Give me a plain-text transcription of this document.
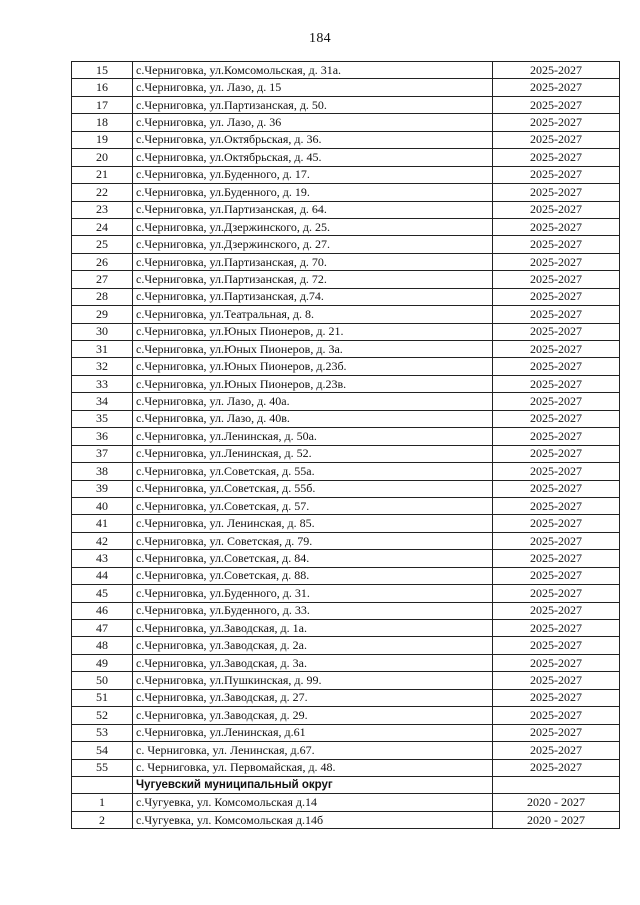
184
15	с.Черниговка, ул.Комсомольская, д. 31а.	2025-2027
16	с.Черниговка, ул. Лазо, д. 15	2025-2027
17	с.Черниговка, ул.Партизанская, д. 50.	2025-2027
18	с.Черниговка, ул. Лазо, д. 36	2025-2027
19	с.Черниговка, ул.Октябрьская, д. 36.	2025-2027
20	с.Черниговка, ул.Октябрьская, д. 45.	2025-2027
21	с.Черниговка, ул.Буденного, д. 17.	2025-2027
22	с.Черниговка, ул.Буденного, д. 19.	2025-2027
23	с.Черниговка, ул.Партизанская, д. 64.	2025-2027
24	с.Черниговка, ул.Дзержинского, д. 25.	2025-2027
25	с.Черниговка, ул.Дзержинского, д. 27.	2025-2027
26	с.Черниговка, ул.Партизанская, д. 70.	2025-2027
27	с.Черниговка, ул.Партизанская, д. 72.	2025-2027
28	с.Черниговка, ул.Партизанская, д.74.	2025-2027
29	с.Черниговка, ул.Театральная, д. 8.	2025-2027
30	с.Черниговка, ул.Юных Пионеров, д. 21.	2025-2027
31	с.Черниговка, ул.Юных Пионеров, д. 3а.	2025-2027
32	с.Черниговка, ул.Юных Пионеров, д.23б.	2025-2027
33	с.Черниговка, ул.Юных Пионеров, д.23в.	2025-2027
34	с.Черниговка, ул. Лазо, д. 40а.	2025-2027
35	с.Черниговка, ул. Лазо, д. 40в.	2025-2027
36	с.Черниговка, ул.Ленинская, д. 50а.	2025-2027
37	с.Черниговка, ул.Ленинская, д. 52.	2025-2027
38	с.Черниговка, ул.Советская, д. 55а.	2025-2027
39	с.Черниговка, ул.Советская, д. 55б.	2025-2027
40	с.Черниговка, ул.Советская, д. 57.	2025-2027
41	с.Черниговка, ул. Ленинская, д. 85.	2025-2027
42	с.Черниговка, ул. Советская, д. 79.	2025-2027
43	с.Черниговка, ул.Советская, д. 84.	2025-2027
44	с.Черниговка, ул.Советская, д. 88.	2025-2027
45	с.Черниговка, ул.Буденного, д. 31.	2025-2027
46	с.Черниговка, ул.Буденного, д. 33.	2025-2027
47	с.Черниговка, ул.Заводская, д. 1а.	2025-2027
48	с.Черниговка, ул.Заводская, д. 2а.	2025-2027
49	с.Черниговка, ул.Заводская, д. 3а.	2025-2027
50	с.Черниговка, ул.Пушкинская, д. 99.	2025-2027
51	с.Черниговка, ул.Заводская, д. 27.	2025-2027
52	с.Черниговка, ул.Заводская, д. 29.	2025-2027
53	с.Черниговка, ул.Ленинская, д.61	2025-2027
54	с. Черниговка, ул. Ленинская, д.67.	2025-2027
55	с. Черниговка, ул. Первомайская, д. 48.	2025-2027
	Чугуевский муниципальный округ	
1	с.Чугуевка, ул. Комсомольская д.14	2020 - 2027
2	с.Чугуевка, ул. Комсомольская д.14б	2020 - 2027
